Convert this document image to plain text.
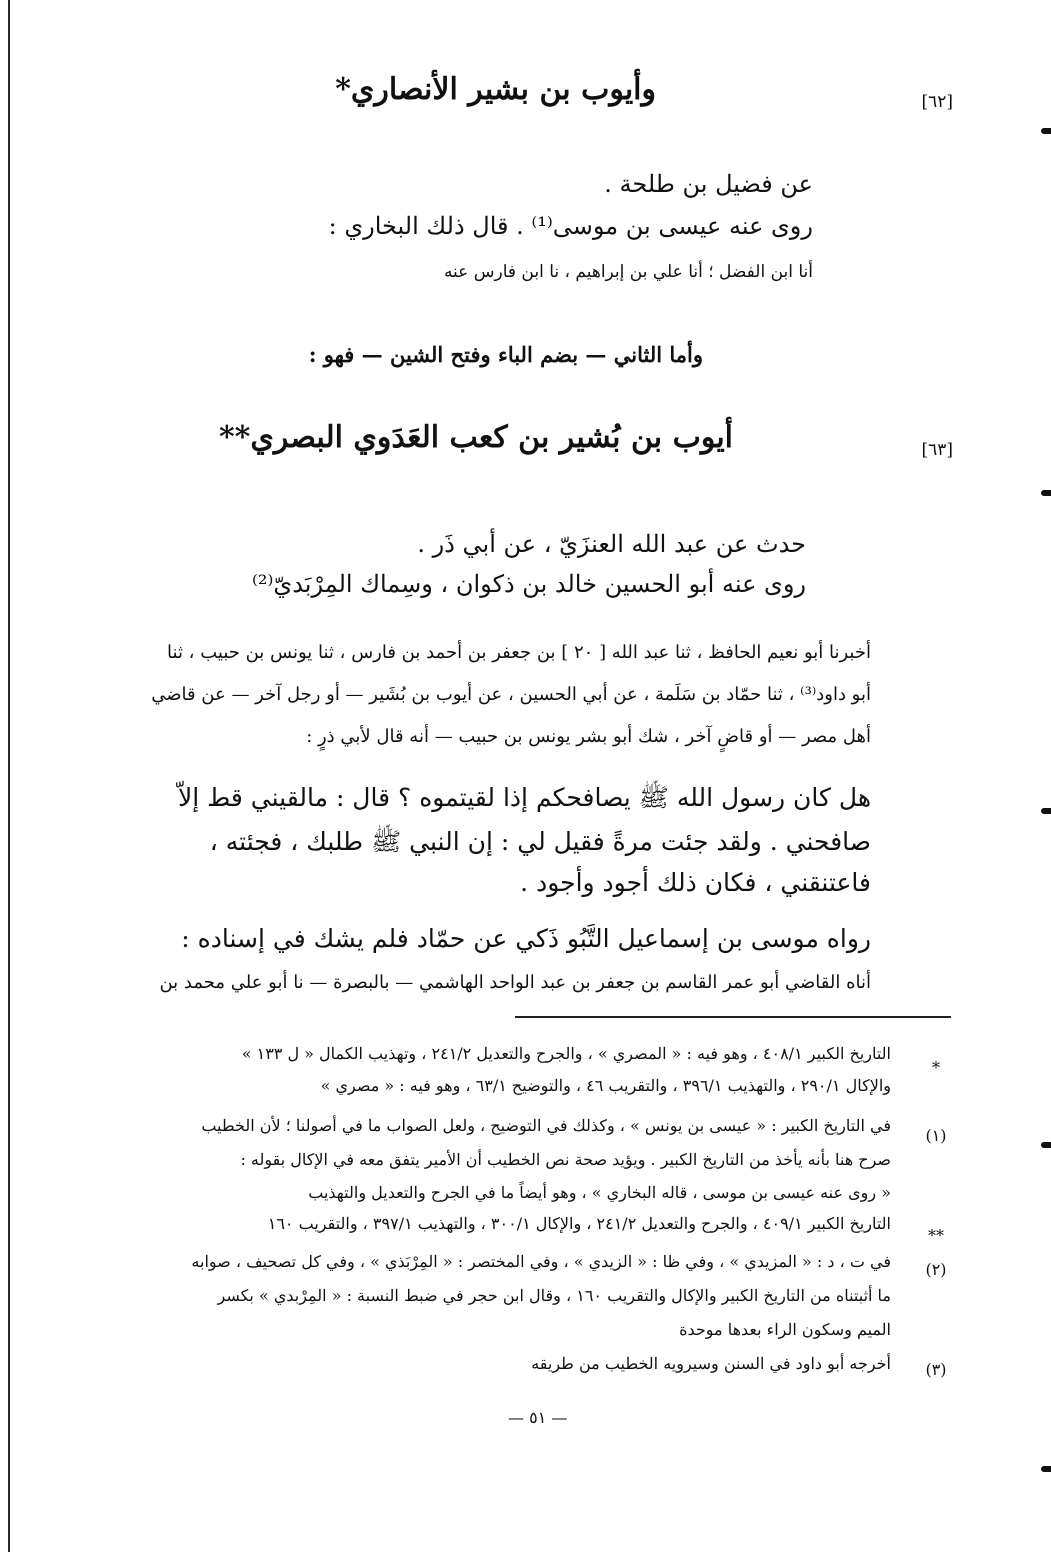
[٦٢]
وأيوب بن بشير الأنصاري*
عن فضيل بن طلحة .
روى عنه عيسى بن موسى⁽¹⁾ . قال ذلك البخاري :
أنا ابن الفضل ؛ أنا علي بن إبراهيم ، نا ابن فارس عنه
وأما الثاني — بضم الباء وفتح الشين — فهو :
[٦٣]
أيوب بن بُشير بن كعب العَدَوي البصري**
حدث عن عبد الله العنزَيّ ، عن أبي ذَر .
روى عنه أبو الحسين خالد بن ذكوان ، وسِماك المِرْبَديّ⁽²⁾
أخبرنا أبو نعيم الحافظ ، ثنا عبد الله [ ٢٠ ] بن جعفر بن أحمد بن فارس ، ثنا يونس بن حبيب ، ثنا
أبو داود⁽³⁾ ، ثنا حمّاد بن سَلَمة ، عن أبي الحسين ، عن أيوب بن بُشَير — أو رجل آخر — عن قاضي
أهل مصر — أو قاضٍ آخر ، شك أبو بشر يونس بن حبيب — أنه قال لأبي ذرٍ :
هل كان رسول الله ﷺ يصافحكم إذا لقيتموه ؟ قال : مالقيني قط إلاّ
صافحني . ولقد جئت مرةً فقيل لي : إن النبي ﷺ طلبك ، فجئته ،
فاعتنقني ، فكان ذلك أجود وأجود .
رواه موسى بن إسماعيل التَّبُو ذَكي عن حمّاد فلم يشك في إسناده :
أناه القاضي أبو عمر القاسم بن جعفر بن عبد الواحد الهاشمي — بالبصرة — نا أبو علي محمد بن
*
التاريخ الكبير ٤٠٨/١ ، وهو فيه : « المصري » ، والجرح والتعديل ٢٤١/٢ ، وتهذيب الكمال « ل ١٣٣ »
والإكال ٢٩٠/١ ، والتهذيب ٣٩٦/١ ، والتقريب ٤٦ ، والتوضيح ٦٣/١ ، وهو فيه : « مصري »
(١)
في التاريخ الكبير : « عيسى بن يونس » ، وكذلك في التوضيح ، ولعل الصواب ما في أصولنا ؛ لأن الخطيب
صرح هنا بأنه يأخذ من التاريخ الكبير . ويؤيد صحة نص الخطيب أن الأمير يتفق معه في الإكال بقوله :
« روى عنه عيسى بن موسى ، قاله البخاري » ، وهو أيضاً ما في الجرح والتعديل والتهذيب
**
التاريخ الكبير ٤٠٩/١ ، والجرح والتعديل ٢٤١/٢ ، والإكال ٣٠٠/١ ، والتهذيب ٣٩٧/١ ، والتقريب ١٦٠
(٢)
في ت ، د : « المزيدي » ، وفي ظا : « الزيدي » ، وفي المختصر : « المِرْبَذي » ، وفي كل تصحيف ، صوابه
ما أثبتناه من التاريخ الكبير والإكال والتقريب ١٦٠ ، وقال ابن حجر في ضبط النسبة : « المِرْبدي » بكسر
الميم وسكون الراء بعدها موحدة
(٣)
أخرجه أبو داود في السنن وسيرويه الخطيب من طريقه
— ٥١ —
